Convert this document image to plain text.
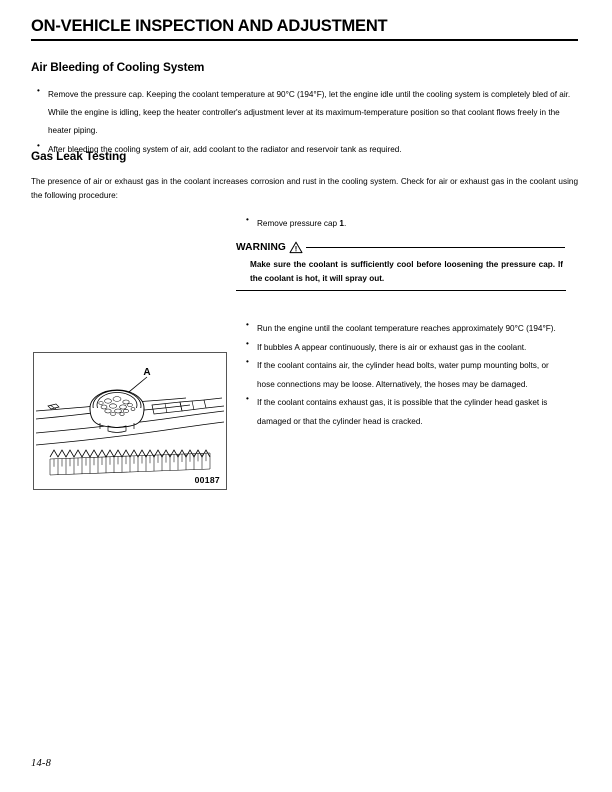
ON-VEHICLE INSPECTION AND ADJUSTMENT
Air Bleeding of Cooling System
• Remove the pressure cap. Keeping the coolant temperature at 90°C (194°F), let the engine idle until the cooling system is completely bled of air. While the engine is idling, keep the heater controller's adjustment lever at its maximum-temperature position so that coolant flows freely in the heater piping.
• After bleeding the cooling system of air, add coolant to the radiator and reservoir tank as required.
Gas Leak Testing
The presence of air or exhaust gas in the coolant increases corrosion and rust in the cooling system. Check for air or exhaust gas in the coolant using the following procedure:
• Remove pressure cap 1.
WARNING
Make sure the coolant is sufficiently cool before loosening the pressure cap. If the coolant is hot, it will spray out.
• Run the engine until the coolant temperature reaches approximately 90°C (194°F).
• If bubbles A appear continuously, there is air or exhaust gas in the coolant.
• If the coolant contains air, the cylinder head bolts, water pump mounting bolts, or hose connections may be loose. Alternatively, the hoses may be damaged.
• If the coolant contains exhaust gas, it is possible that the cylinder head gasket is damaged or that the cylinder head is cracked.
A
00187
14-8
